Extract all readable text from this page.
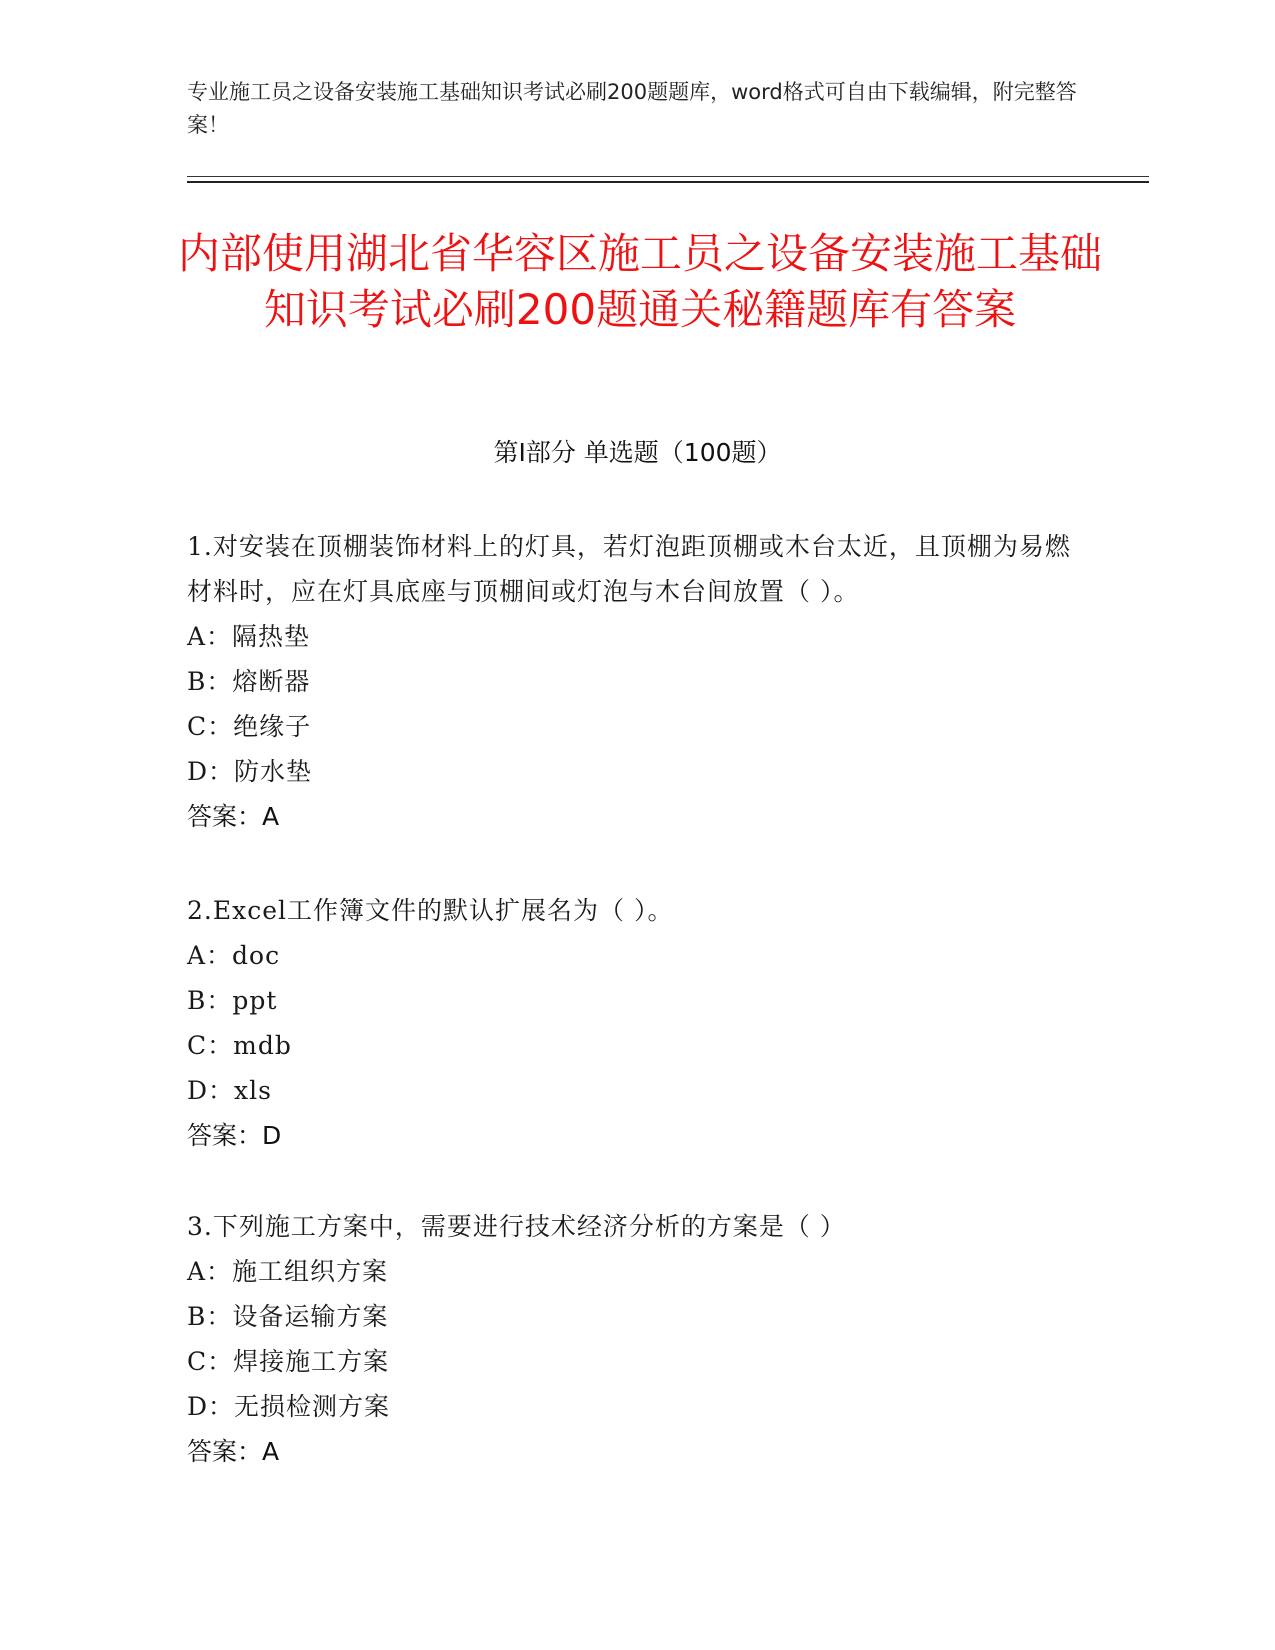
专业施工员之设备安装施工基础知识考试必刷200题题库，word格式可自由下载编辑，附完整答案！
内部使用湖北省华容区施工员之设备安装施工基础知识考试必刷200题通关秘籍题库有答案
第Ⅰ部分 单选题（100题）
1.对安装在顶棚装饰材料上的灯具，若灯泡距顶棚或木台太近，且顶棚为易燃材料时，应在灯具底座与顶棚间或灯泡与木台间放置（ ）。
A：隔热垫
B：熔断器
C：绝缘子
D：防水垫
答案：A
2.Excel工作簿文件的默认扩展名为（ ）。
A：doc
B：ppt
C：mdb
D：xls
答案：D
3.下列施工方案中，需要进行技术经济分析的方案是（ ）
A：施工组织方案
B：设备运输方案
C：焊接施工方案
D：无损检测方案
答案：A
